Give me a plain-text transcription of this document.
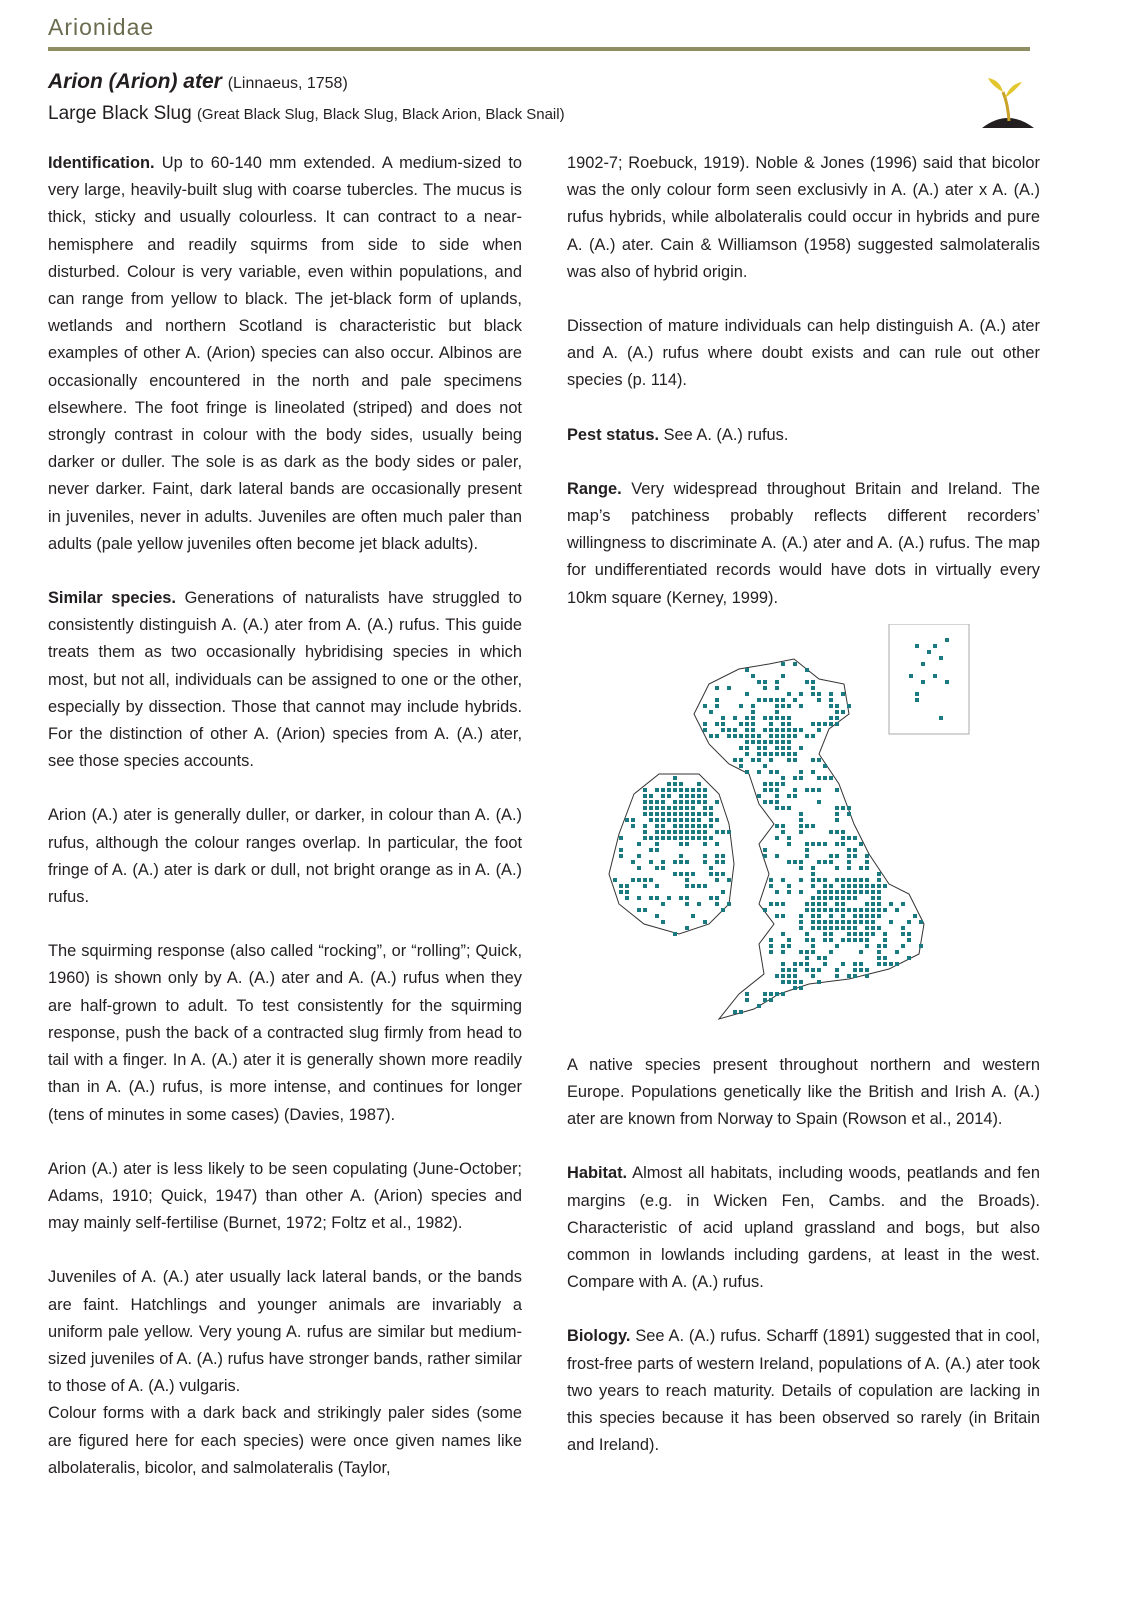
Arionidae
Arion (Arion) ater (Linnaeus, 1758)
Large Black Slug (Great Black Slug, Black Slug, Black Arion, Black Snail)

Identification. Up to 60-140 mm extended. A medium-sized to very large, heavily-built slug with coarse tubercles. The mucus is thick, sticky and usually colourless. It can contract to a near-hemisphere and readily squirms from side to side when disturbed. Colour is very variable, even within populations, and can range from yellow to black. The jet-black form of uplands, wetlands and northern Scotland is characteristic but black examples of other A. (Arion) species can also occur. Albinos are occasionally encountered in the north and pale specimens elsewhere. The foot fringe is lineolated (striped) and does not strongly contrast in colour with the body sides, usually being darker or duller. The sole is as dark as the body sides or paler, never darker. Faint, dark lateral bands are occasionally present in juveniles, never in adults. Juveniles are often much paler than adults (pale yellow juveniles often become jet black adults).

Similar species. Generations of naturalists have struggled to consistently distinguish A. (A.) ater from A. (A.) rufus. This guide treats them as two occasionally hybridising species in which most, but not all, individuals can be assigned to one or the other, especially by dissection. Those that cannot may include hybrids. For the distinction of other A. (Arion) species from A. (A.) ater, see those species accounts.

Arion (A.) ater is generally duller, or darker, in colour than A. (A.) rufus, although the colour ranges overlap. In particular, the foot fringe of A. (A.) ater is dark or dull, not bright orange as in A. (A.) rufus.

The squirming response (also called “rocking”, or “rolling”; Quick, 1960) is shown only by A. (A.) ater and A. (A.) rufus when they are half-grown to adult. To test consistently for the squirming response, push the back of a contracted slug firmly from head to tail with a finger. In A. (A.) ater it is generally shown more readily than in A. (A.) rufus, is more intense, and continues for longer (tens of minutes in some cases) (Davies, 1987).

Arion (A.) ater is less likely to be seen copulating (June-October; Adams, 1910; Quick, 1947) than other A. (Arion) species and may mainly self-fertilise (Burnet, 1972; Foltz et al., 1982).

Juveniles of A. (A.) ater usually lack lateral bands, or the bands are faint. Hatchlings and younger animals are invariably a uniform pale yellow. Very young A. rufus are similar but medium-sized juveniles of A. (A.) rufus have stronger bands, rather similar to those of A. (A.) vulgaris.

Colour forms with a dark back and strikingly paler sides (some are figured here for each species) were once given names like albolateralis, bicolor, and salmolateralis (Taylor,

1902-7; Roebuck, 1919). Noble & Jones (1996) said that bicolor was the only colour form seen exclusivly in A. (A.) ater x A. (A.) rufus hybrids, while albolateralis could occur in hybrids and pure A. (A.) ater. Cain & Williamson (1958) suggested salmolateralis was also of hybrid origin.

Dissection of mature individuals can help distinguish A. (A.) ater and A. (A.) rufus where doubt exists and can rule out other species (p. 114).

Pest status. See A. (A.) rufus.

Range. Very widespread throughout Britain and Ireland. The map’s patchiness probably reflects different recorders’ willingness to discriminate A. (A.) ater and A. (A.) rufus. The map for undifferentiated records would have dots in virtually every 10km square (Kerney, 1999).

A native species present throughout northern and western Europe. Populations genetically like the British and Irish A. (A.) ater are known from Norway to Spain (Rowson et al., 2014).

Habitat. Almost all habitats, including woods, peatlands and fen margins (e.g. in Wicken Fen, Cambs. and the Broads). Characteristic of acid upland grassland and bogs, but also common in lowlands including gardens, at least in the west. Compare with A. (A.) rufus.

Biology. See A. (A.) rufus. Scharff (1891) suggested that in cool, frost-free parts of western Ireland, populations of A. (A.) ater took two years to reach maturity. Details of copulation are lacking in this species because it has been observed so rarely (in Britain and Ireland).
